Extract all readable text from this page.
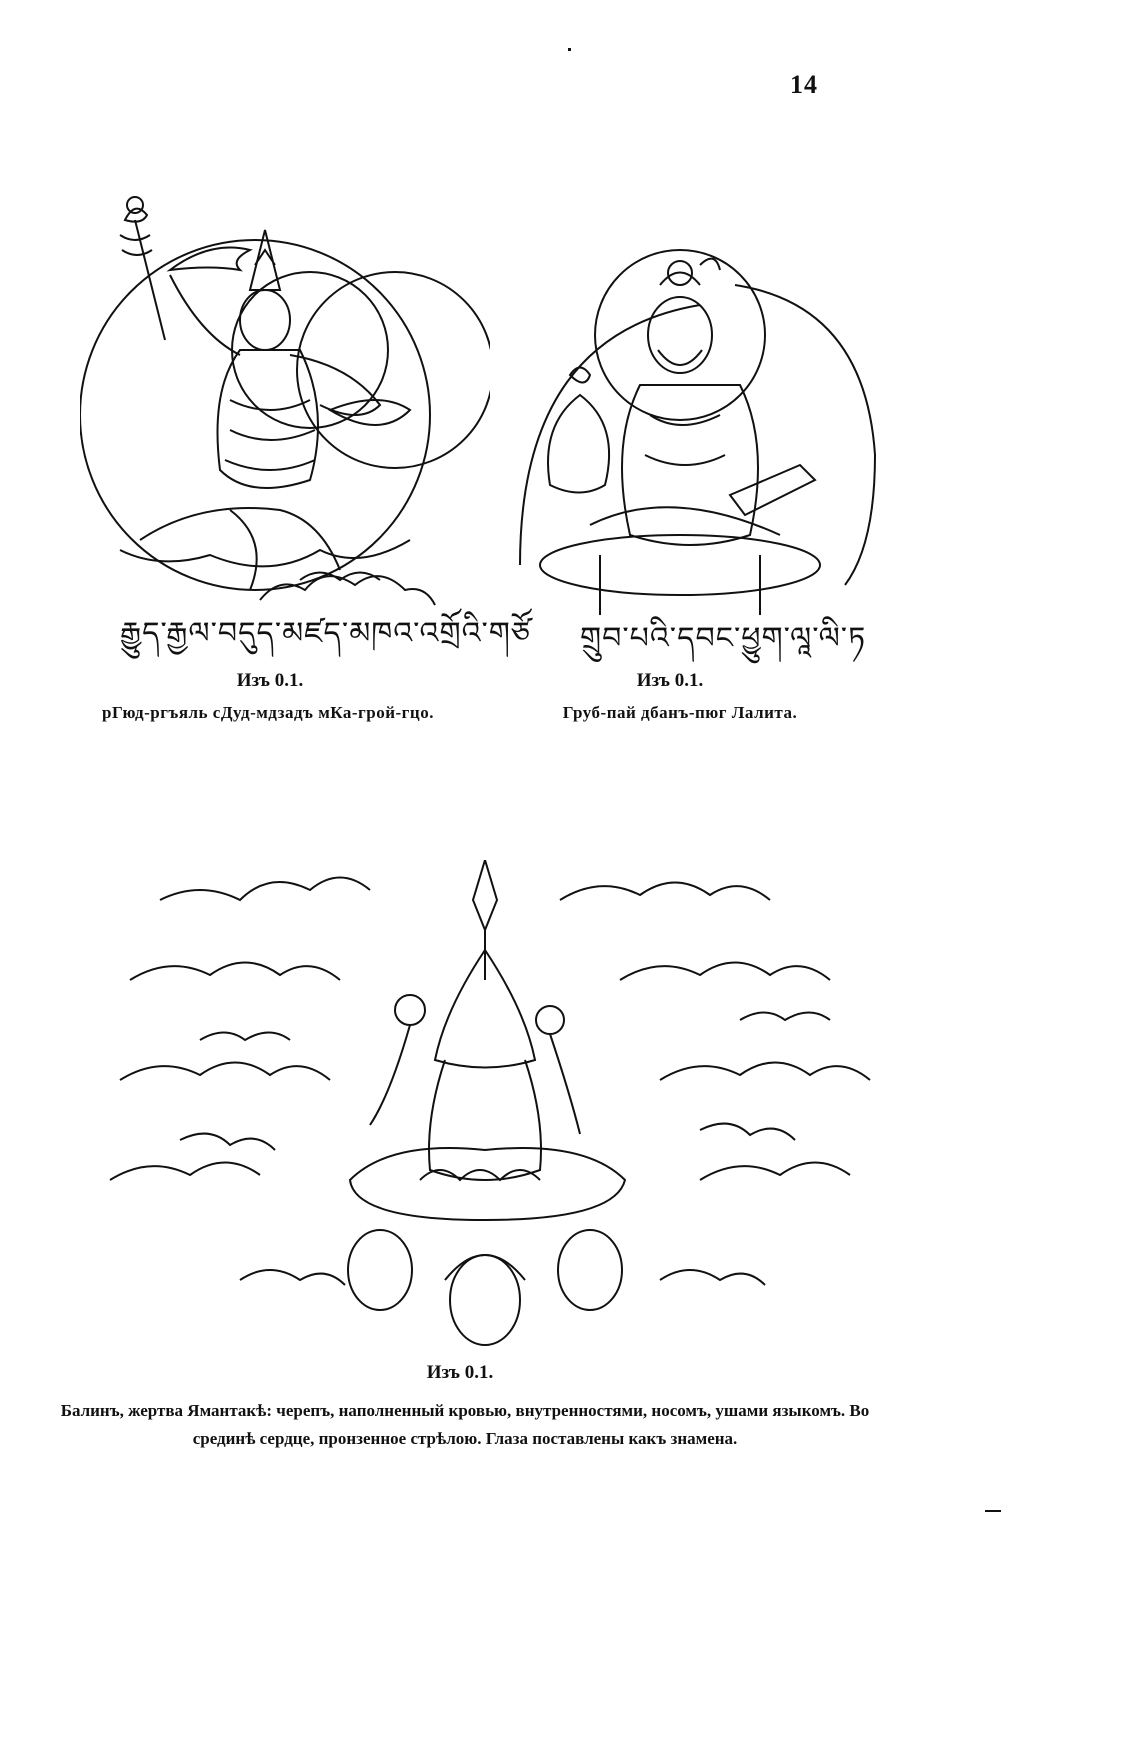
14
རྒྱུད་རྒྱལ་བདུད་མཛད་མཁའ་འགྲོའི་གཙོ གྲུབ་པའི་དབང་ཕྱུག་ལཱ་ལི་ཏ
Изъ 0.1.
рГюд-ргъяль сДуд-мдзадъ мКа-грой-гцо.
Изъ 0.1.
Груб-пай дбанъ-пюг Лалита.
Изъ 0.1.
Балинъ, жертва Ямантакѣ: черепъ, наполненный кровью, внутренностями, носомъ, ушами языкомъ. Во срединѣ сердце, пронзенное стрѣлою. Глаза поставлены какъ знамена.
